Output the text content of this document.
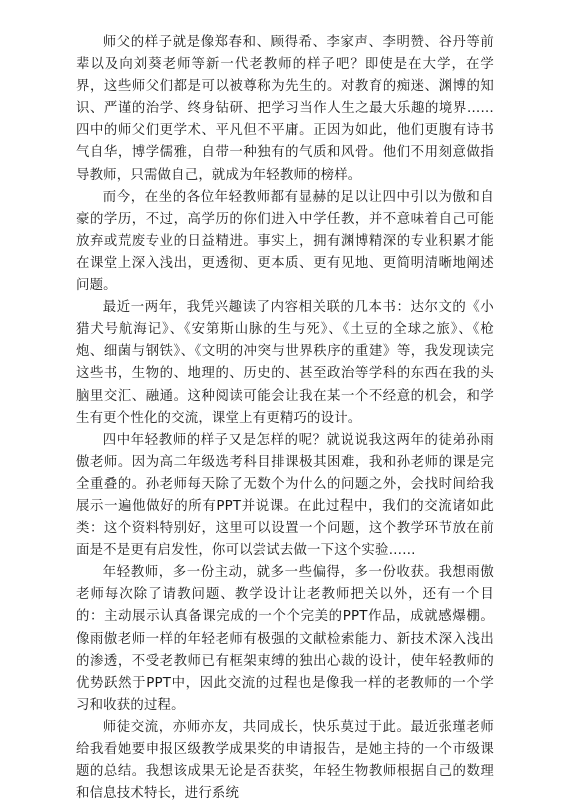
师父的样子就是像郑春和、顾得希、李家声、李明赞、谷丹等前辈以及向刘葵老师等新一代老教师的样子吧？即使是在大学，在学界，这些师父们都是可以被尊称为先生的。对教育的痴迷、渊博的知识、严谨的治学、终身钻研、把学习当作人生之最大乐趣的境界……四中的师父们更学术、平凡但不平庸。正因为如此，他们更腹有诗书气自华，博学儒雅，自带一种独有的气质和风骨。他们不用刻意做指导教师，只需做自己，就成为年轻教师的榜样。

而今，在坐的各位年轻教师都有显赫的足以让四中引以为傲和自豪的学历，不过，高学历的你们进入中学任教，并不意味着自己可能放弃或荒废专业的日益精进。事实上，拥有渊博精深的专业积累才能在课堂上深入浅出，更透彻、更本质、更有见地、更简明清晰地阐述问题。

最近一两年，我凭兴趣读了内容相关联的几本书：达尔文的《小猎犬号航海记》、《安第斯山脉的生与死》、《土豆的全球之旅》、《枪炮、细菌与钢铁》、《文明的冲突与世界秩序的重建》等，我发现读完这些书，生物的、地理的、历史的、甚至政治等学科的东西在我的头脑里交汇、融通。这种阅读可能会让我在某一个不经意的机会，和学生有更个性化的交流，课堂上有更精巧的设计。

四中年轻教师的样子又是怎样的呢？就说说我这两年的徒弟孙雨傲老师。因为高二年级选考科目排课极其困难，我和孙老师的课是完全重叠的。孙老师每天除了无数个为什么的问题之外，会找时间给我展示一遍他做好的所有PPT并说课。在此过程中，我们的交流诸如此类：这个资料特别好，这里可以设置一个问题，这个教学环节放在前面是不是更有启发性，你可以尝试去做一下这个实验……

年轻教师，多一份主动，就多一些偏得，多一份收获。我想雨傲老师每次除了请教问题、教学设计让老教师把关以外，还有一个目的：主动展示认真备课完成的一个个完美的PPT作品，成就感爆棚。像雨傲老师一样的年轻老师有极强的文献检索能力、新技术深入浅出的渗透，不受老教师已有框架束缚的独出心裁的设计，使年轻教师的优势跃然于PPT中，因此交流的过程也是像我一样的老教师的一个学习和收获的过程。

师徒交流，亦师亦友，共同成长，快乐莫过于此。最近张瑾老师给我看她要申报区级教学成果奖的申请报告，是她主持的一个市级课题的总结。我想该成果无论是否获奖，年轻生物教师根据自己的数理和信息技术特长，进行系统
